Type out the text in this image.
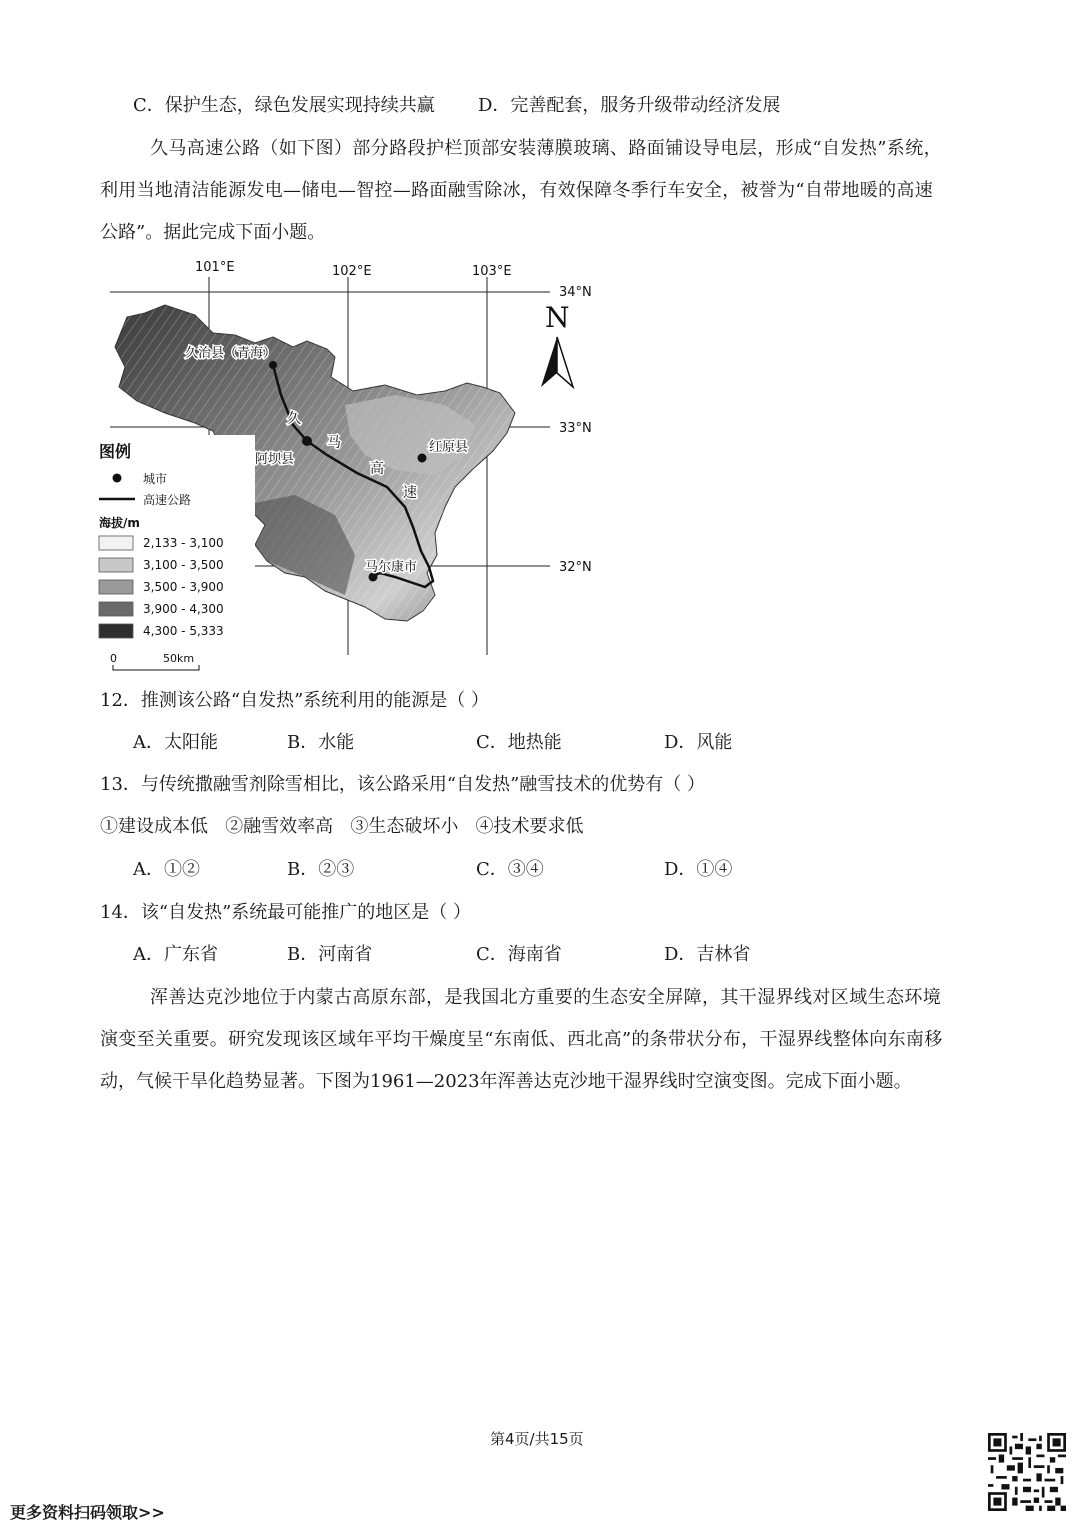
C．保护生态，绿色发展实现持续共赢 D．完善配套，服务升级带动经济发展
久马高速公路（如下图）部分路段护栏顶部安装薄膜玻璃、路面铺设导电层，形成“自发热”系统，
利用当地清洁能源发电—储电—智控—路面融雪除冰，有效保障冬季行车安全，被誉为“自带地暖的高速
公路”。据此完成下面小题。
久治县（青海）
阿坝县
红原县
马尔康市
久
马
高
速
101°E	102°E	103°E
34°N
33°N
32°N
N
图例
城市
高速公路
海拔/m
2,133 - 3,100
3,100 - 3,500
3,500 - 3,900
3,900 - 4,300
4,300 - 5,333
0	50km
12．推测该公路“自发热”系统利用的能源是（ ）
A．太阳能	B．水能	C．地热能	D．风能
13．与传统撒融雪剂除雪相比，该公路采用“自发热”融雪技术的优势有（ ）
①建设成本低   ②融雪效率高   ③生态破坏小   ④技术要求低
A．①②	B．②③	C．③④	D．①④
14．该“自发热”系统最可能推广的地区是（ ）
A．广东省	B．河南省	C．海南省	D．吉林省
浑善达克沙地位于内蒙古高原东部，是我国北方重要的生态安全屏障，其干湿界线对区域生态环境
演变至关重要。研究发现该区域年平均干燥度呈“东南低、西北高”的条带状分布，干湿界线整体向东南移
动，气候干旱化趋势显著。下图为1961—2023年浑善达克沙地干湿界线时空演变图。完成下面小题。
第4页/共15页
更多资料扫码领取>>
